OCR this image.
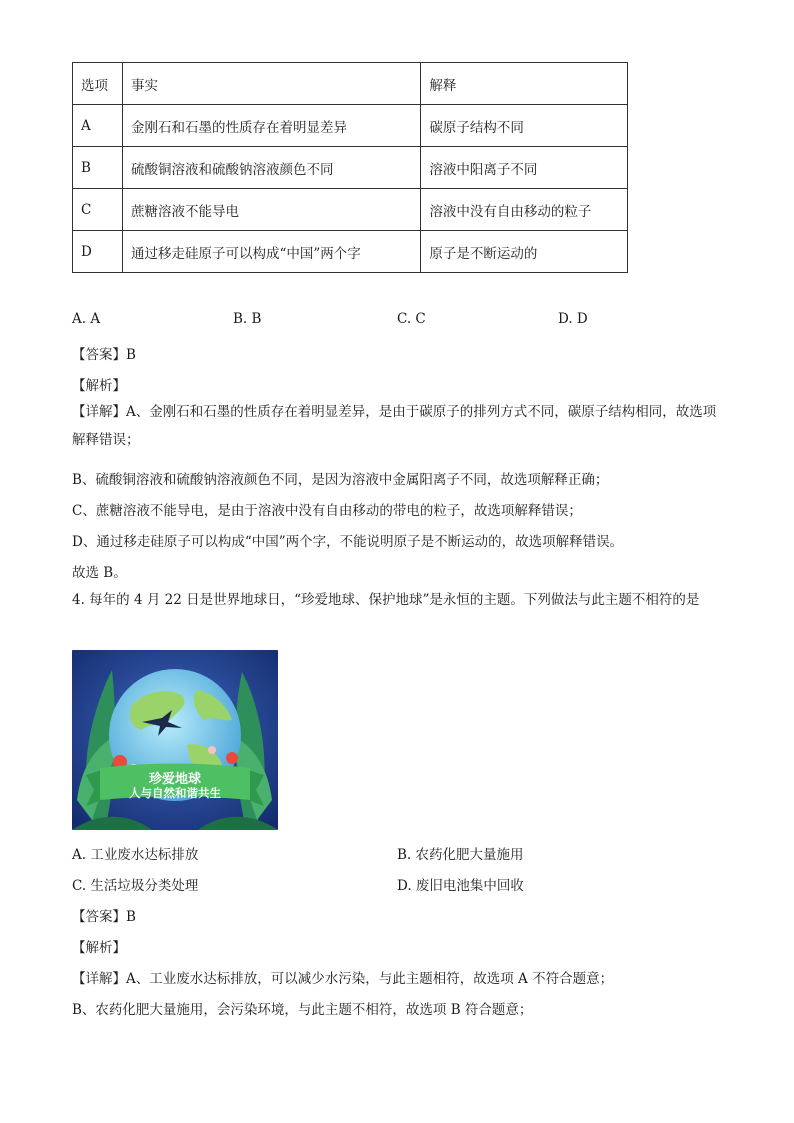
选项	事实	解释
A	金刚石和石墨的性质存在着明显差异	碳原子结构不同
B	硫酸铜溶液和硫酸钠溶液颜色不同	溶液中阳离子不同
C	蔗糖溶液不能导电	溶液中没有自由移动的粒子
D	通过移走硅原子可以构成“中国”两个字	原子是不断运动的
A. A	B. B	C. C	D. D
【答案】B
【解析】
【详解】A、金刚石和石墨的性质存在着明显差异，是由于碳原子的排列方式不同，碳原子结构相同，故选项解释错误；
B、硫酸铜溶液和硫酸钠溶液颜色不同，是因为溶液中金属阳离子不同，故选项解释正确；
C、蔗糖溶液不能导电，是由于溶液中没有自由移动的带电的粒子，故选项解释错误；
D、通过移走硅原子可以构成“中国”两个字，不能说明原子是不断运动的，故选项解释错误。
故选 B。
4. 每年的 4 月 22 日是世界地球日，“珍爱地球、保护地球”是永恒的主题。下列做法与此主题不相符的是
珍爱地球
人与自然和谐共生
A. 工业废水达标排放	B. 农药化肥大量施用
C. 生活垃圾分类处理	D. 废旧电池集中回收
【答案】B
【解析】
【详解】A、工业废水达标排放，可以减少水污染，与此主题相符，故选项 A 不符合题意；
B、农药化肥大量施用，会污染环境，与此主题不相符，故选项 B 符合题意；
